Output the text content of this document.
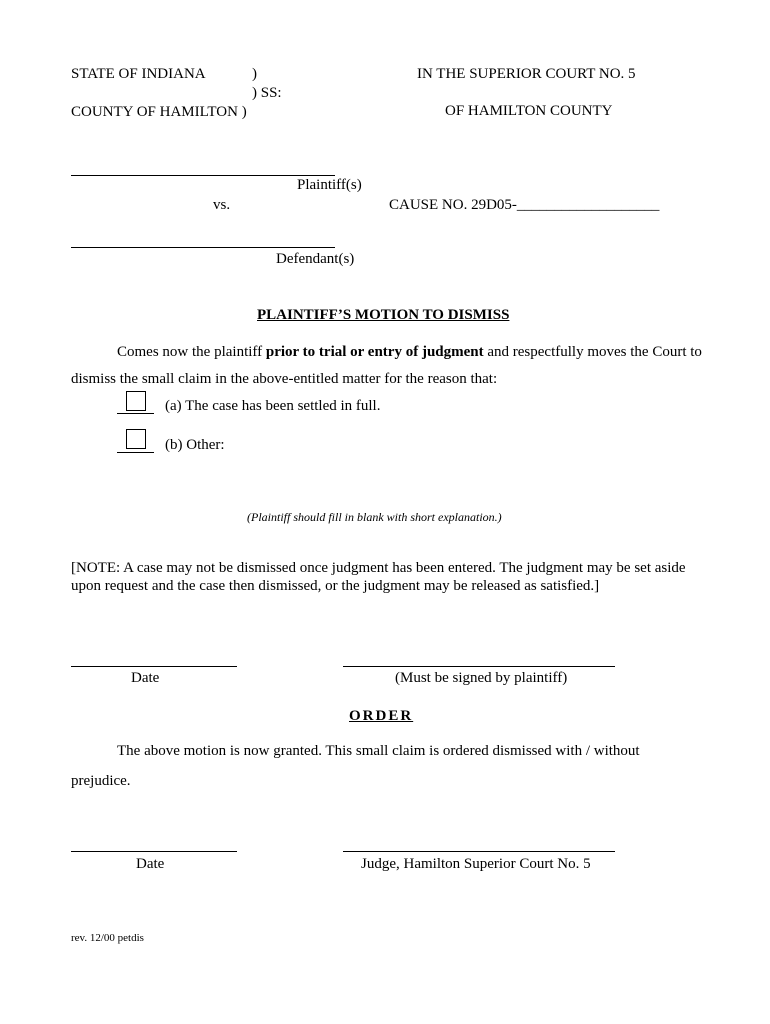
STATE OF INDIANA	)
) SS:
COUNTY OF HAMILTON )
IN THE SUPERIOR COURT NO. 5
OF HAMILTON COUNTY
Plaintiff(s)
vs.	CAUSE NO. 29D05-___________________
Defendant(s)
PLAINTIFF’S MOTION TO DISMISS
Comes now the plaintiff prior to trial or entry of judgment and respectfully moves the Court to
dismiss the small claim in the above-entitled matter for the reason that:
(a) The case has been settled in full.
(b) Other:
(Plaintiff should fill in blank with short explanation.)
[NOTE: A case may not be dismissed once judgment has been entered. The judgment may be set aside
upon request and the case then dismissed, or the judgment may be released as satisfied.]
Date	(Must be signed by plaintiff)
ORDER
The above motion is now granted. This small claim is ordered dismissed with / without
prejudice.
Date	Judge, Hamilton Superior Court No. 5
rev. 12/00 petdis
